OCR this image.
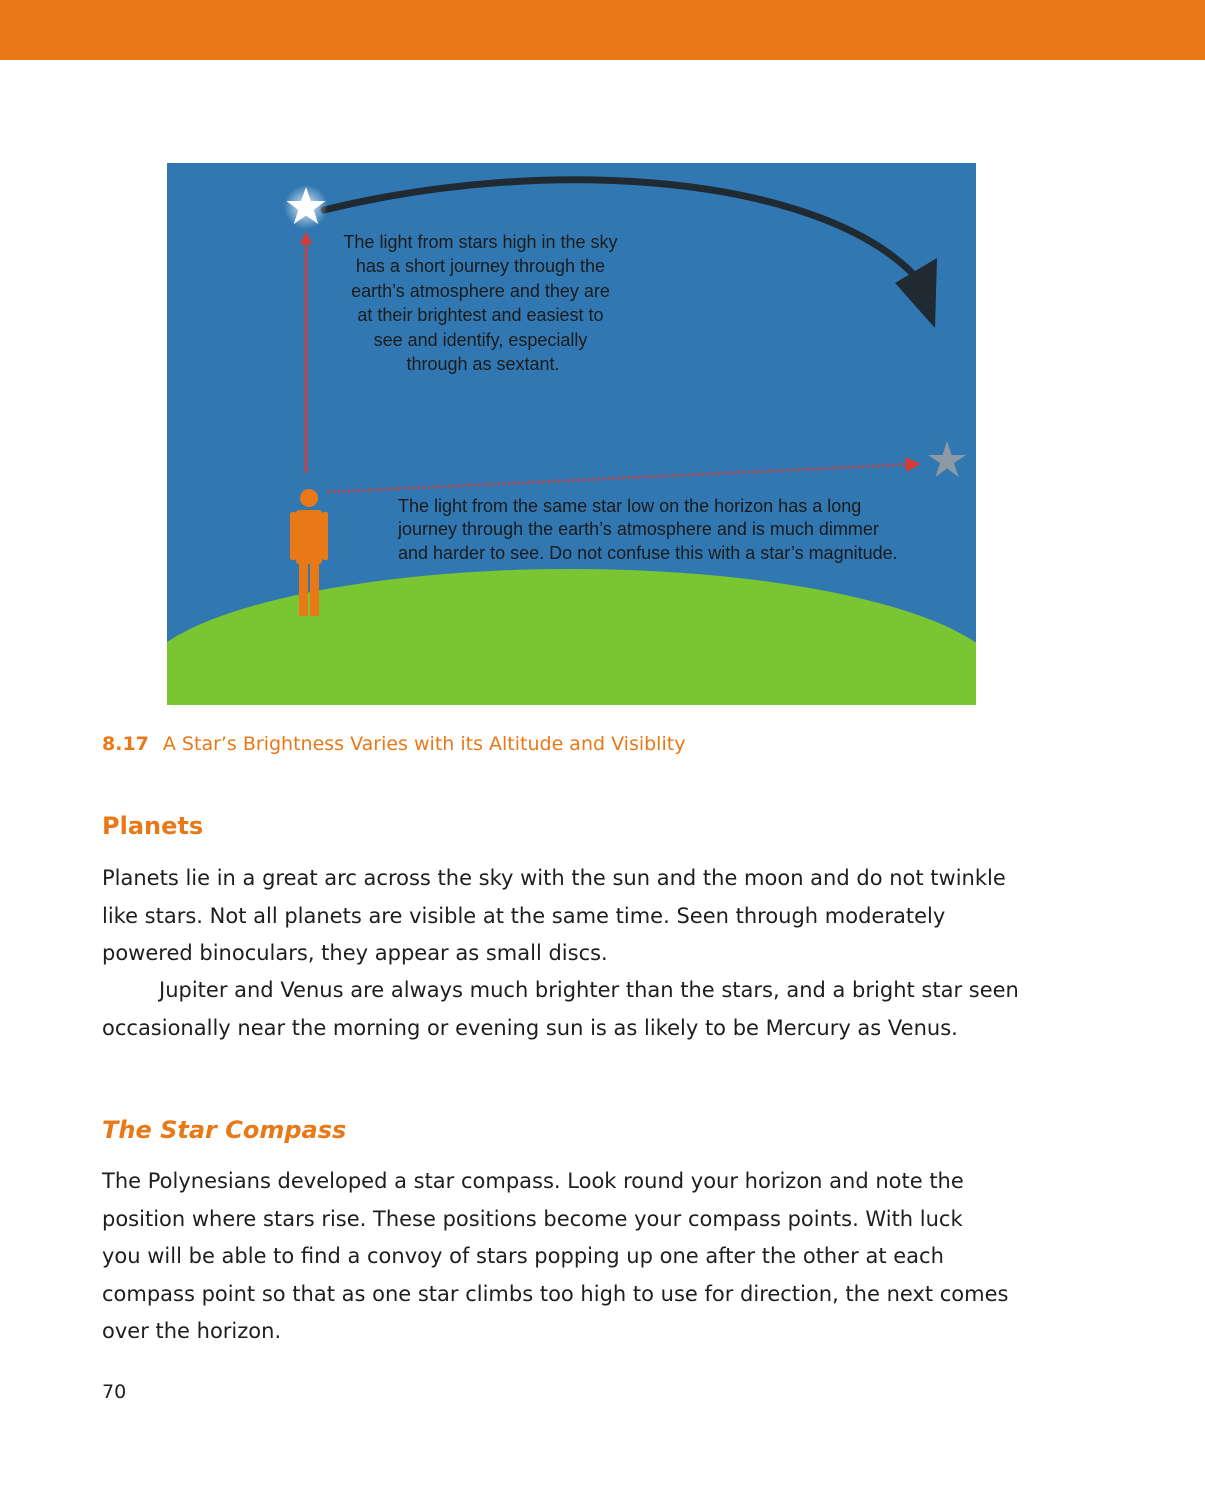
The light from stars high in the sky has a short journey through the earth’s atmosphere and they are at their brightest and easiest to see and identify, especially through as sextant.
The light from the same star low on the horizon has a long journey through the earth’s atmosphere and is much dimmer and harder to see. Do not confuse this with a star’s magnitude.
8.17 A Star’s Brightness Varies with its Altitude and Visiblity
Planets
Planets lie in a great arc across the sky with the sun and the moon and do not twinkle
like stars. Not all planets are visible at the same time. Seen through moderately
powered binoculars, they appear as small discs.
Jupiter and Venus are always much brighter than the stars, and a bright star seen
occasionally near the morning or evening sun is as likely to be Mercury as Venus.
The Star Compass
The Polynesians developed a star compass. Look round your horizon and note the
position where stars rise. These positions become your compass points. With luck
you will be able to find a convoy of stars popping up one after the other at each
compass point so that as one star climbs too high to use for direction, the next comes
over the horizon.
70
